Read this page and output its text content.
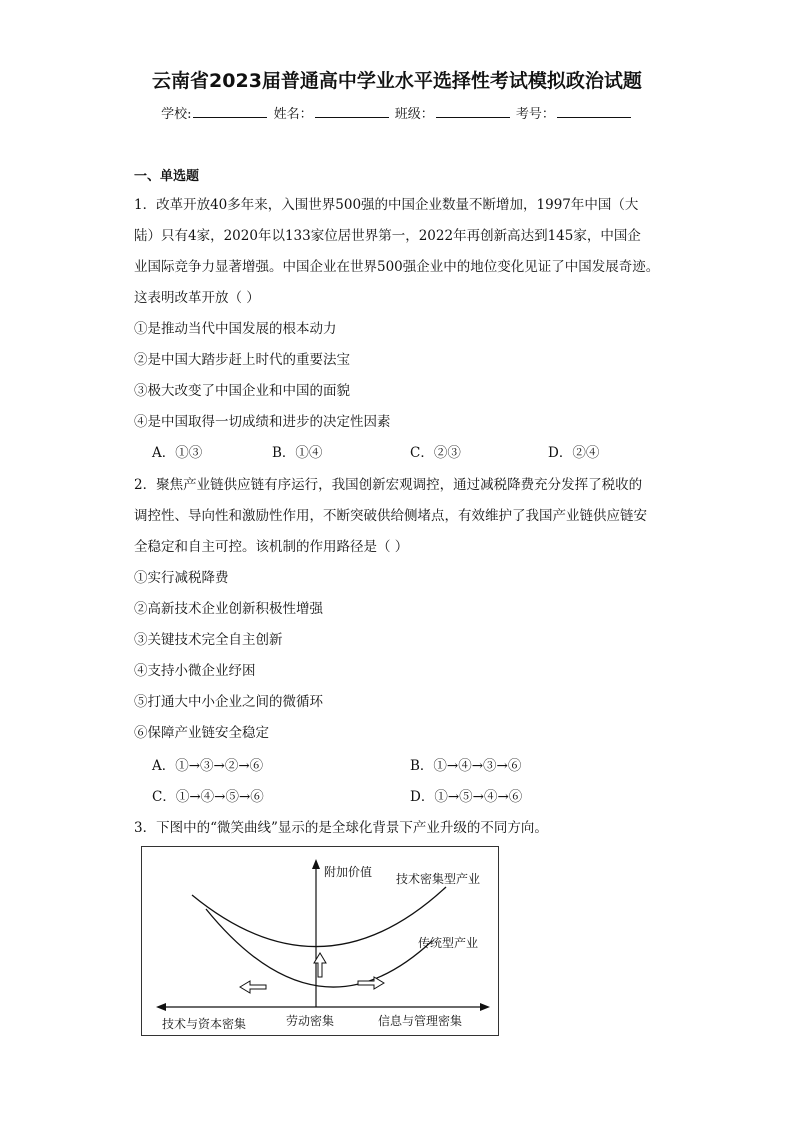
云南省2023届普通高中学业水平选择性考试模拟政治试题
学校:	姓名：	班级：	考号：
一、单选题
1．改革开放40多年来，入围世界500强的中国企业数量不断增加，1997年中国（大
陆）只有4家，2020年以133家位居世界第一，2022年再创新高达到145家，中国企
业国际竞争力显著增强。中国企业在世界500强企业中的地位变化见证了中国发展奇迹。
这表明改革开放（ ）
①是推动当代中国发展的根本动力
②是中国大踏步赶上时代的重要法宝
③极大改变了中国企业和中国的面貌
④是中国取得一切成绩和进步的决定性因素
A．①③	B．①④	C．②③	D．②④
2．聚焦产业链供应链有序运行，我国创新宏观调控，通过减税降费充分发挥了税收的
调控性、导向性和激励性作用，不断突破供给侧堵点，有效维护了我国产业链供应链安
全稳定和自主可控。该机制的作用路径是（ ）
①实行减税降费
②高新技术企业创新积极性增强
③关键技术完全自主创新
④支持小微企业纾困
⑤打通大中小企业之间的微循环
⑥保障产业链安全稳定
A．①→③→②→⑥	B．①→④→③→⑥
C．①→④→⑤→⑥	D．①→⑤→④→⑥
3．下图中的“微笑曲线”显示的是全球化背景下产业升级的不同方向。
附加价值 技术密集型产业
传统型产业
技术与资本密集	劳动密集	信息与管理密集
